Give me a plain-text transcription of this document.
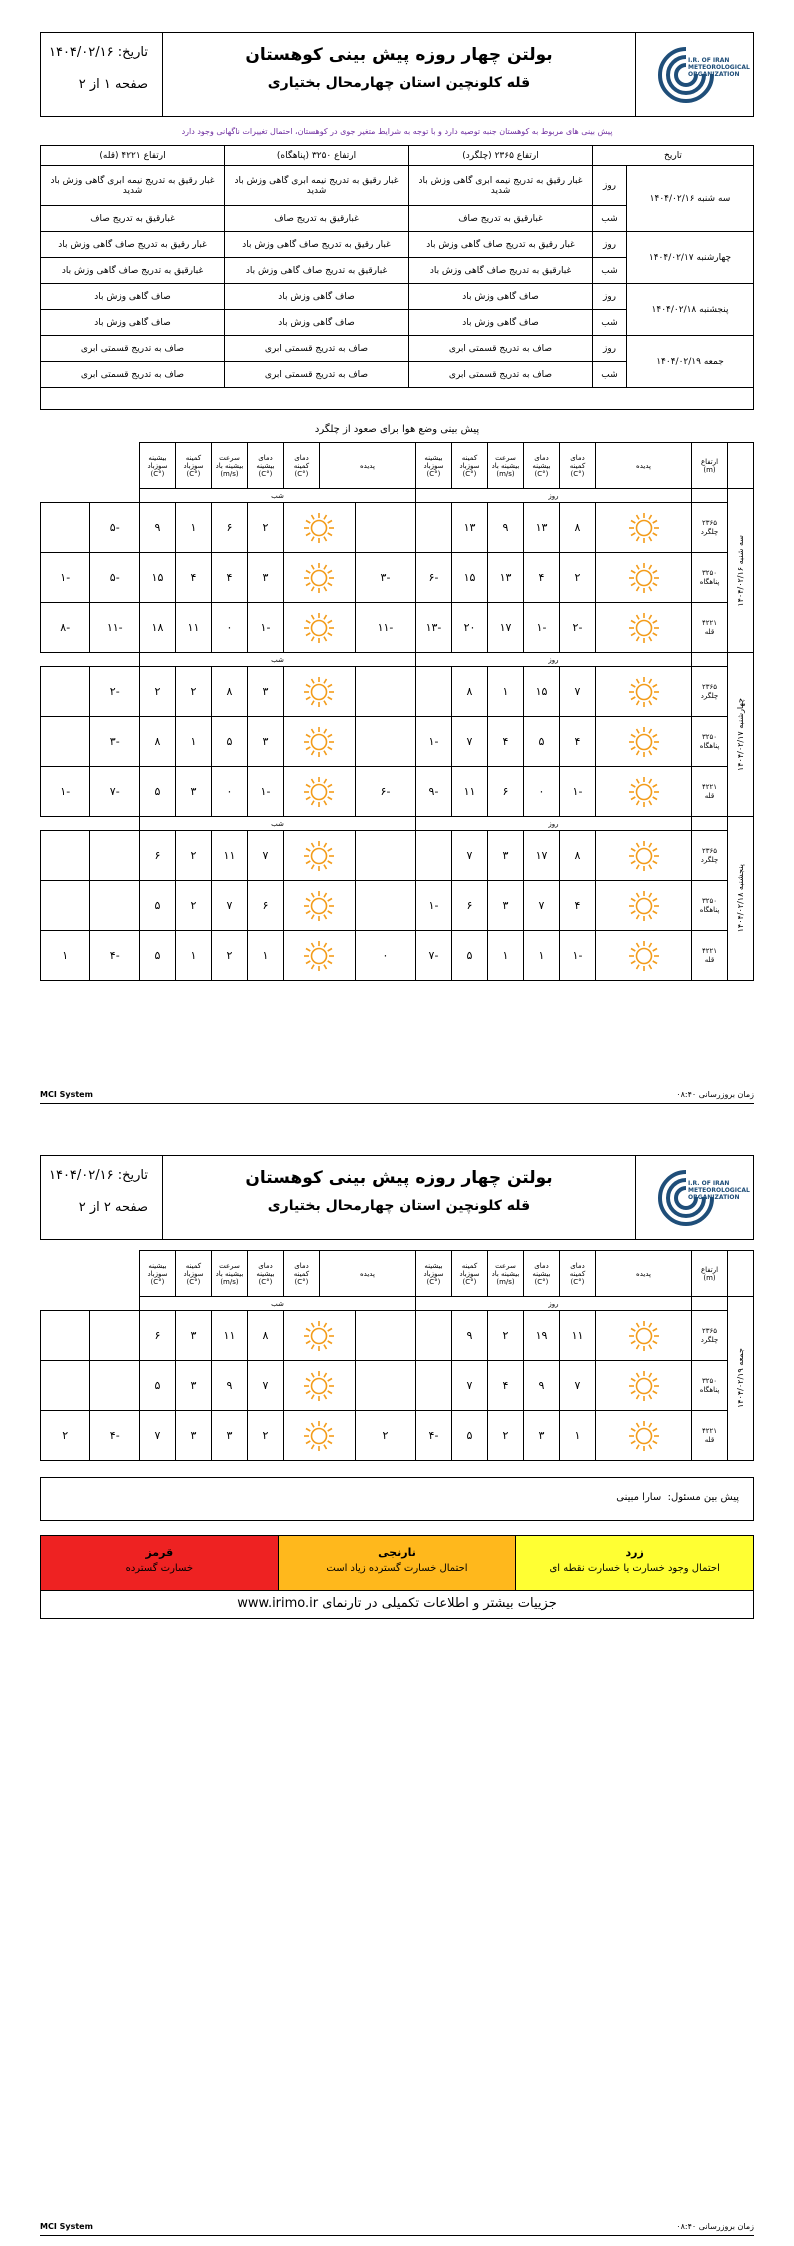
تاریخ: ۱۴۰۴/۰۲/۱۶
صفحه ۱ از ۲
بولتن چهار روزه پیش بینی کوهستان
قله کلونچین استان چهارمحال بختیاری
I.R. OF IRAN METEOROLOGICAL ORGANIZATION
پیش بینی های مربوط به کوهستان جنبه توصیه دارد و با توجه به شرایط متغیر جوی در کوهستان، احتمال تغییرات ناگهانی وجود دارد
تاریخ		ارتفاع ۲۳۶۵ (چلگرد)	ارتفاع ۳۲۵۰ (پناهگاه)	ارتفاع ۴۲۲۱ (قله)
سه شنبه ۱۴۰۴/۰۲/۱۶	روز	غبار رقیق به تدریج نیمه ابری گاهی وزش باد شدید	غبار رقیق به تدریج نیمه ابری گاهی وزش باد شدید	غبار رقیق به تدریج نیمه ابری گاهی وزش باد شدید
	شب	غبارقیق به تدریج صاف	غبارقیق به تدریج صاف	غبارقیق به تدریج صاف
چهارشنبه ۱۴۰۴/۰۲/۱۷	روز	غبار رقیق به تدریج صاف گاهی وزش باد	غبار رقیق به تدریج صاف گاهی وزش باد	غبار رقیق به تدریج صاف گاهی وزش باد
	شب	غبارقیق به تدریج صاف گاهی وزش باد	غبارقیق به تدریج صاف گاهی وزش باد	غبارقیق به تدریج صاف گاهی وزش باد
پنجشنبه ۱۴۰۴/۰۲/۱۸	روز	صاف گاهی وزش باد	صاف گاهی وزش باد	صاف گاهی وزش باد
	شب	صاف گاهی وزش باد	صاف گاهی وزش باد	صاف گاهی وزش باد
جمعه ۱۴۰۴/۰۲/۱۹	روز	صاف به تدریج قسمتی ابری	صاف به تدریج قسمتی ابری	صاف به تدریج قسمتی ابری
	شب	صاف به تدریج قسمتی ابری	صاف به تدریج قسمتی ابری	صاف به تدریج قسمتی ابری
پیش بینی وضع هوا برای صعود از چلگرد
	ارتفاع (m)	پدیده	دمای کمینه (°C)	دمای بیشینه (°C)	سرعت بیشینه باد (m/s)	کمینه سوزباد (°C)	بیشینه سوزباد (°C)	پدیده		دمای کمینه (°C)	دمای بیشینه (°C)	سرعت بیشینه باد (m/s)	کمینه سوزباد (°C)	بیشینه سوزباد (°C)		

سه شنبه ۱۴۰۴/۰۲/۱۶		روز						شب								

	۲۳۶۵
چلگرد		۸	۱۳	۹	۱۳					۲	۶	۱	۹	-۵	

	۳۲۵۰
پناهگاه		۲	۴	۱۳	۱۵	-۶	-۳			۳	۴	۴	۱۵	-۵	-۱

	۴۲۲۱
قله		-۲	-۱	۱۷	۲۰	-۱۳	-۱۱			-۱	۰	۱۱	۱۸	-۱۱	-۸

چهارشنبه ۱۴۰۴/۰۲/۱۷		روز						شب								

	۲۳۶۵
چلگرد		۷	۱۵	۱	۸					۳	۸	۲	۲	-۲	

	۳۲۵۰
پناهگاه		۴	۵	۴	۷	-۱				۳	۵	۱	۸	-۳	

	۴۲۲۱
قله		-۱	۰	۶	۱۱	-۹	-۶			-۱	۰	۳	۵	-۷	-۱

پنجشنبه ۱۴۰۴/۰۲/۱۸		روز						شب								

	۲۳۶۵
چلگرد		۸	۱۷	۳	۷					۷	۱۱	۲	۶		

	۳۲۵۰
پناهگاه		۴	۷	۳	۶	-۱				۶	۷	۲	۵		

	۴۲۲۱
قله		-۱	۱	۱	۵	-۷	۰			۱	۲	۱	۵	-۴	۱
MCI System	زمان بروزرسانی ۰۸:۴۰
تاریخ: ۱۴۰۴/۰۲/۱۶
صفحه ۲ از ۲
بولتن چهار روزه پیش بینی کوهستان
قله کلونچین استان چهارمحال بختیاری
I.R. OF IRAN METEOROLOGICAL ORGANIZATION
	ارتفاع (m)	پدیده	دمای کمینه (°C)	دمای بیشینه (°C)	سرعت بیشینه باد (m/s)	کمینه سوزباد (°C)	بیشینه سوزباد (°C)	پدیده		دمای کمینه (°C)	دمای بیشینه (°C)	سرعت بیشینه باد (m/s)	کمینه سوزباد (°C)	بیشینه سوزباد (°C)		

جمعه ۱۴۰۴/۰۲/۱۹		روز						شب								

	۲۳۶۵
چلگرد		۱۱	۱۹	۲	۹					۸	۱۱	۳	۶		

	۳۲۵۰
پناهگاه		۷	۹	۴	۷					۷	۹	۳	۵		

	۴۲۲۱
قله		۱	۳	۲	۵	-۴	۲			۲	۳	۳	۷	-۴	۲
پیش بین مسئول:  سارا مبینی
زرد
احتمال وجود خسارت یا خسارت نقطه ای
نارنجی
احتمال خسارت گسترده زیاد است
قرمز
خسارت گسترده
جزییات بیشتر و اطلاعات تکمیلی در تارنمای www.irimo.ir
MCI System	زمان بروزرسانی ۰۸:۴۰
